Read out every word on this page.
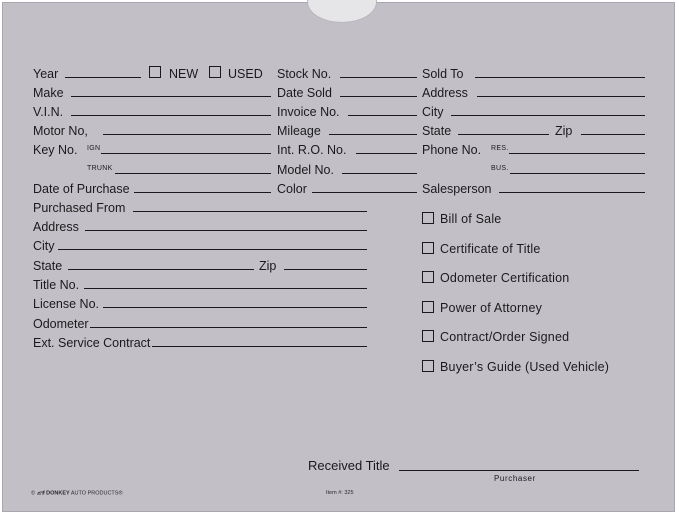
Year	NEW USED Stock No.	Sold To
Make	Date Sold	Address
V.I.N.	Invoice No.	City
Motor No,	Mileage	State	Zip
Key No. IGN	Int. R.O. No.	Phone No. RES.
TRUNK	Model No.	BUS.
Date of Purchase	Color	Salesperson
Purchased From
Address
City
State	Zip
Title No.
License No.
Odometer
Ext. Service Contract
Bill of Sale
Certificate of Title
Odometer Certification
Power of Attorney
Contract/Order Signed
Buyer’s Guide (Used Vehicle)
Received Title
Purchaser
© DONKEY AUTO PRODUCTS®	Item #: 325
